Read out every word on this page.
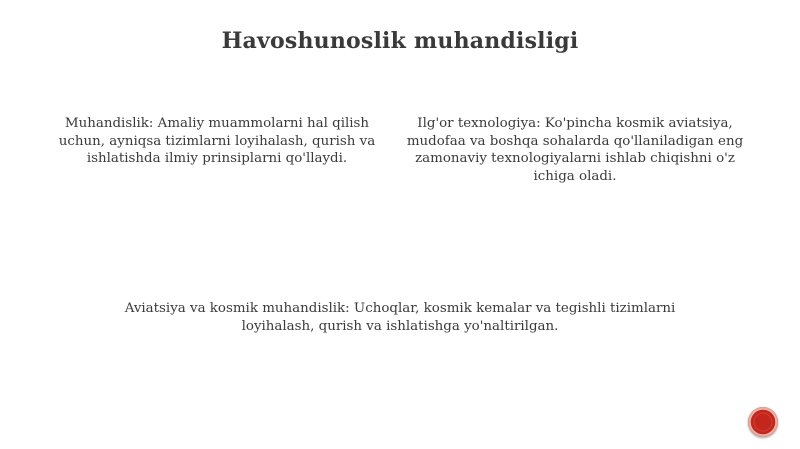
Havoshunoslik muhandisligi
Muhandislik: Amaliy muammolarni hal qilish uchun, ayniqsa tizimlarni loyihalash, qurish va ishlatishda ilmiy prinsiplarni qo'llaydi.
Ilg'or texnologiya: Ko'pincha kosmik aviatsiya, mudofaa va boshqa sohalarda qo'llaniladigan eng zamonaviy texnologiyalarni ishlab chiqishni o'z ichiga oladi.
Aviatsiya va kosmik muhandislik: Uchoqlar, kosmik kemalar va tegishli tizimlarni loyihalash, qurish va ishlatishga yo'naltirilgan.
